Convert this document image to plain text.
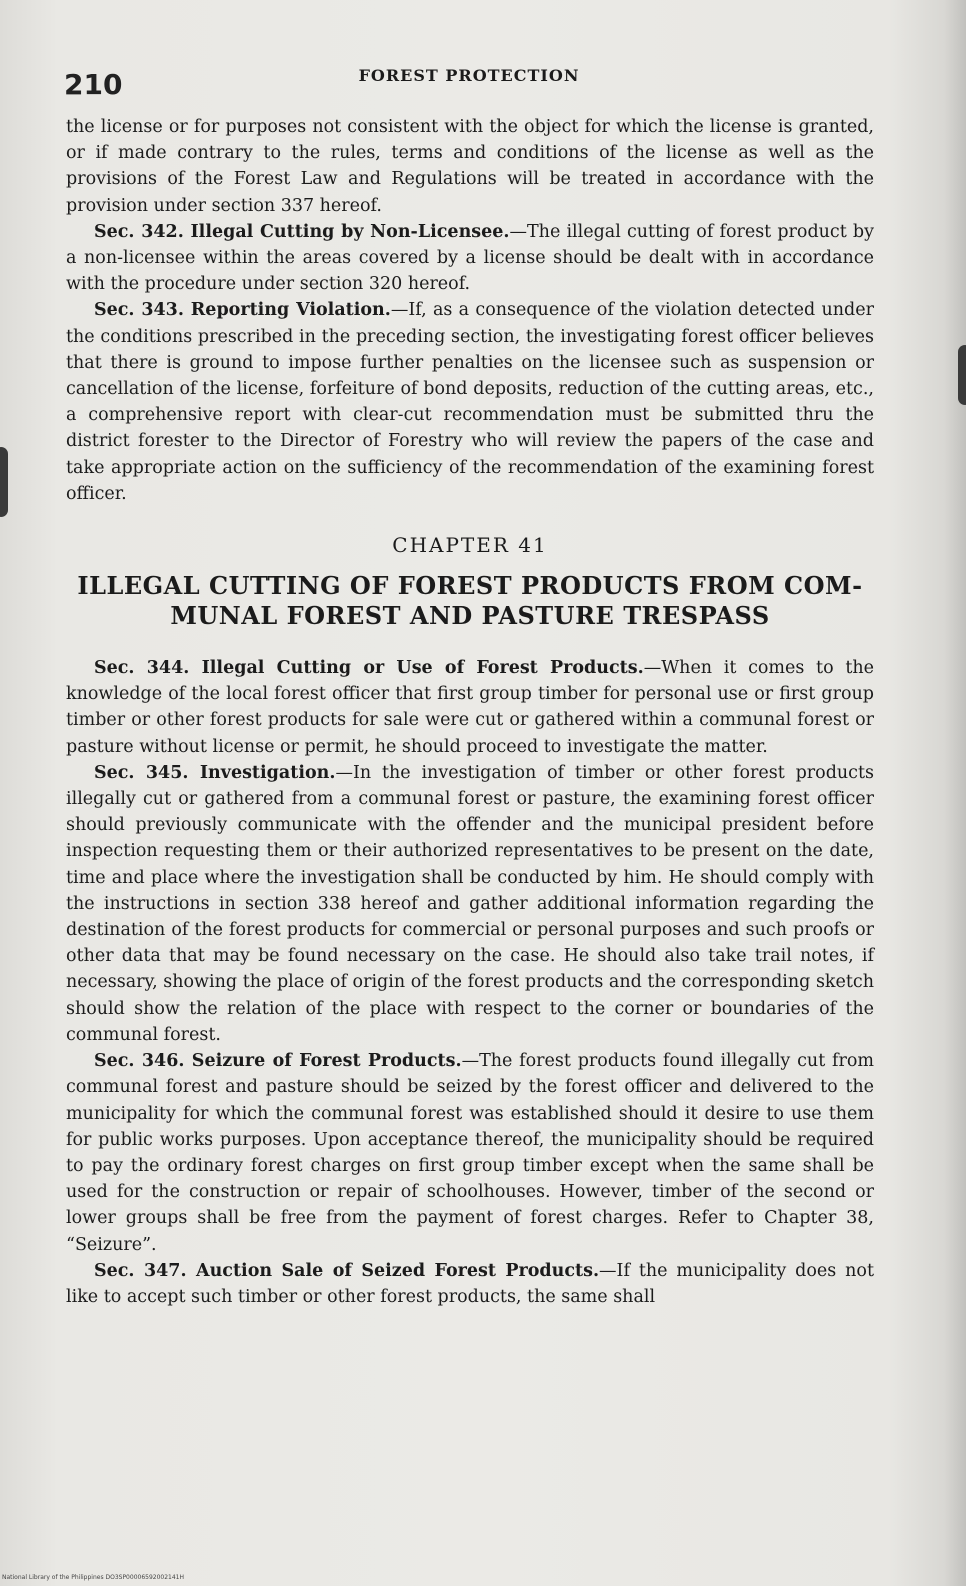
210	FOREST PROTECTION

the license or for purposes not consistent with the object for which the license is granted, or if made contrary to the rules, terms and conditions of the license as well as the provisions of the Forest Law and Regulations will be treated in accordance with the provision under section 337 hereof.

Sec. 342. Illegal Cutting by Non-Licensee.—The illegal cutting of forest product by a non-licensee within the areas covered by a license should be dealt with in accordance with the procedure under section 320 hereof.

Sec. 343. Reporting Violation.—If, as a consequence of the violation detected under the conditions prescribed in the preceding section, the investigating forest officer believes that there is ground to impose further penalties on the licensee such as suspension or cancellation of the license, forfeiture of bond deposits, reduction of the cutting areas, etc., a comprehensive report with clear-cut recommendation must be submitted thru the district forester to the Director of Forestry who will review the papers of the case and take appropriate action on the sufficiency of the recommendation of the examining forest officer.

CHAPTER 41
ILLEGAL CUTTING OF FOREST PRODUCTS FROM COM-
MUNAL FOREST AND PASTURE TRESPASS

Sec. 344. Illegal Cutting or Use of Forest Products.—When it comes to the knowledge of the local forest officer that first group timber for personal use or first group timber or other forest products for sale were cut or gathered within a communal forest or pasture without license or permit, he should proceed to investigate the matter.

Sec. 345. Investigation.—In the investigation of timber or other forest products illegally cut or gathered from a communal forest or pasture, the examining forest officer should previously communicate with the offender and the municipal president before inspection requesting them or their authorized representatives to be present on the date, time and place where the investigation shall be conducted by him. He should comply with the instructions in section 338 hereof and gather additional information regarding the destination of the forest products for commercial or personal purposes and such proofs or other data that may be found necessary on the case. He should also take trail notes, if necessary, showing the place of origin of the forest products and the corresponding sketch should show the relation of the place with respect to the corner or boundaries of the communal forest.

Sec. 346. Seizure of Forest Products.—The forest products found illegally cut from communal forest and pasture should be seized by the forest officer and delivered to the municipality for which the communal forest was established should it desire to use them for public works purposes. Upon acceptance thereof, the municipality should be required to pay the ordinary forest charges on first group timber except when the same shall be used for the construction or repair of schoolhouses. However, timber of the second or lower groups shall be free from the payment of forest charges. Refer to Chapter 38, “Seizure”.

Sec. 347. Auction Sale of Seized Forest Products.—If the municipality does not like to accept such timber or other forest products, the same shall

National Library of the Philippines DO3SP00006592002141H
